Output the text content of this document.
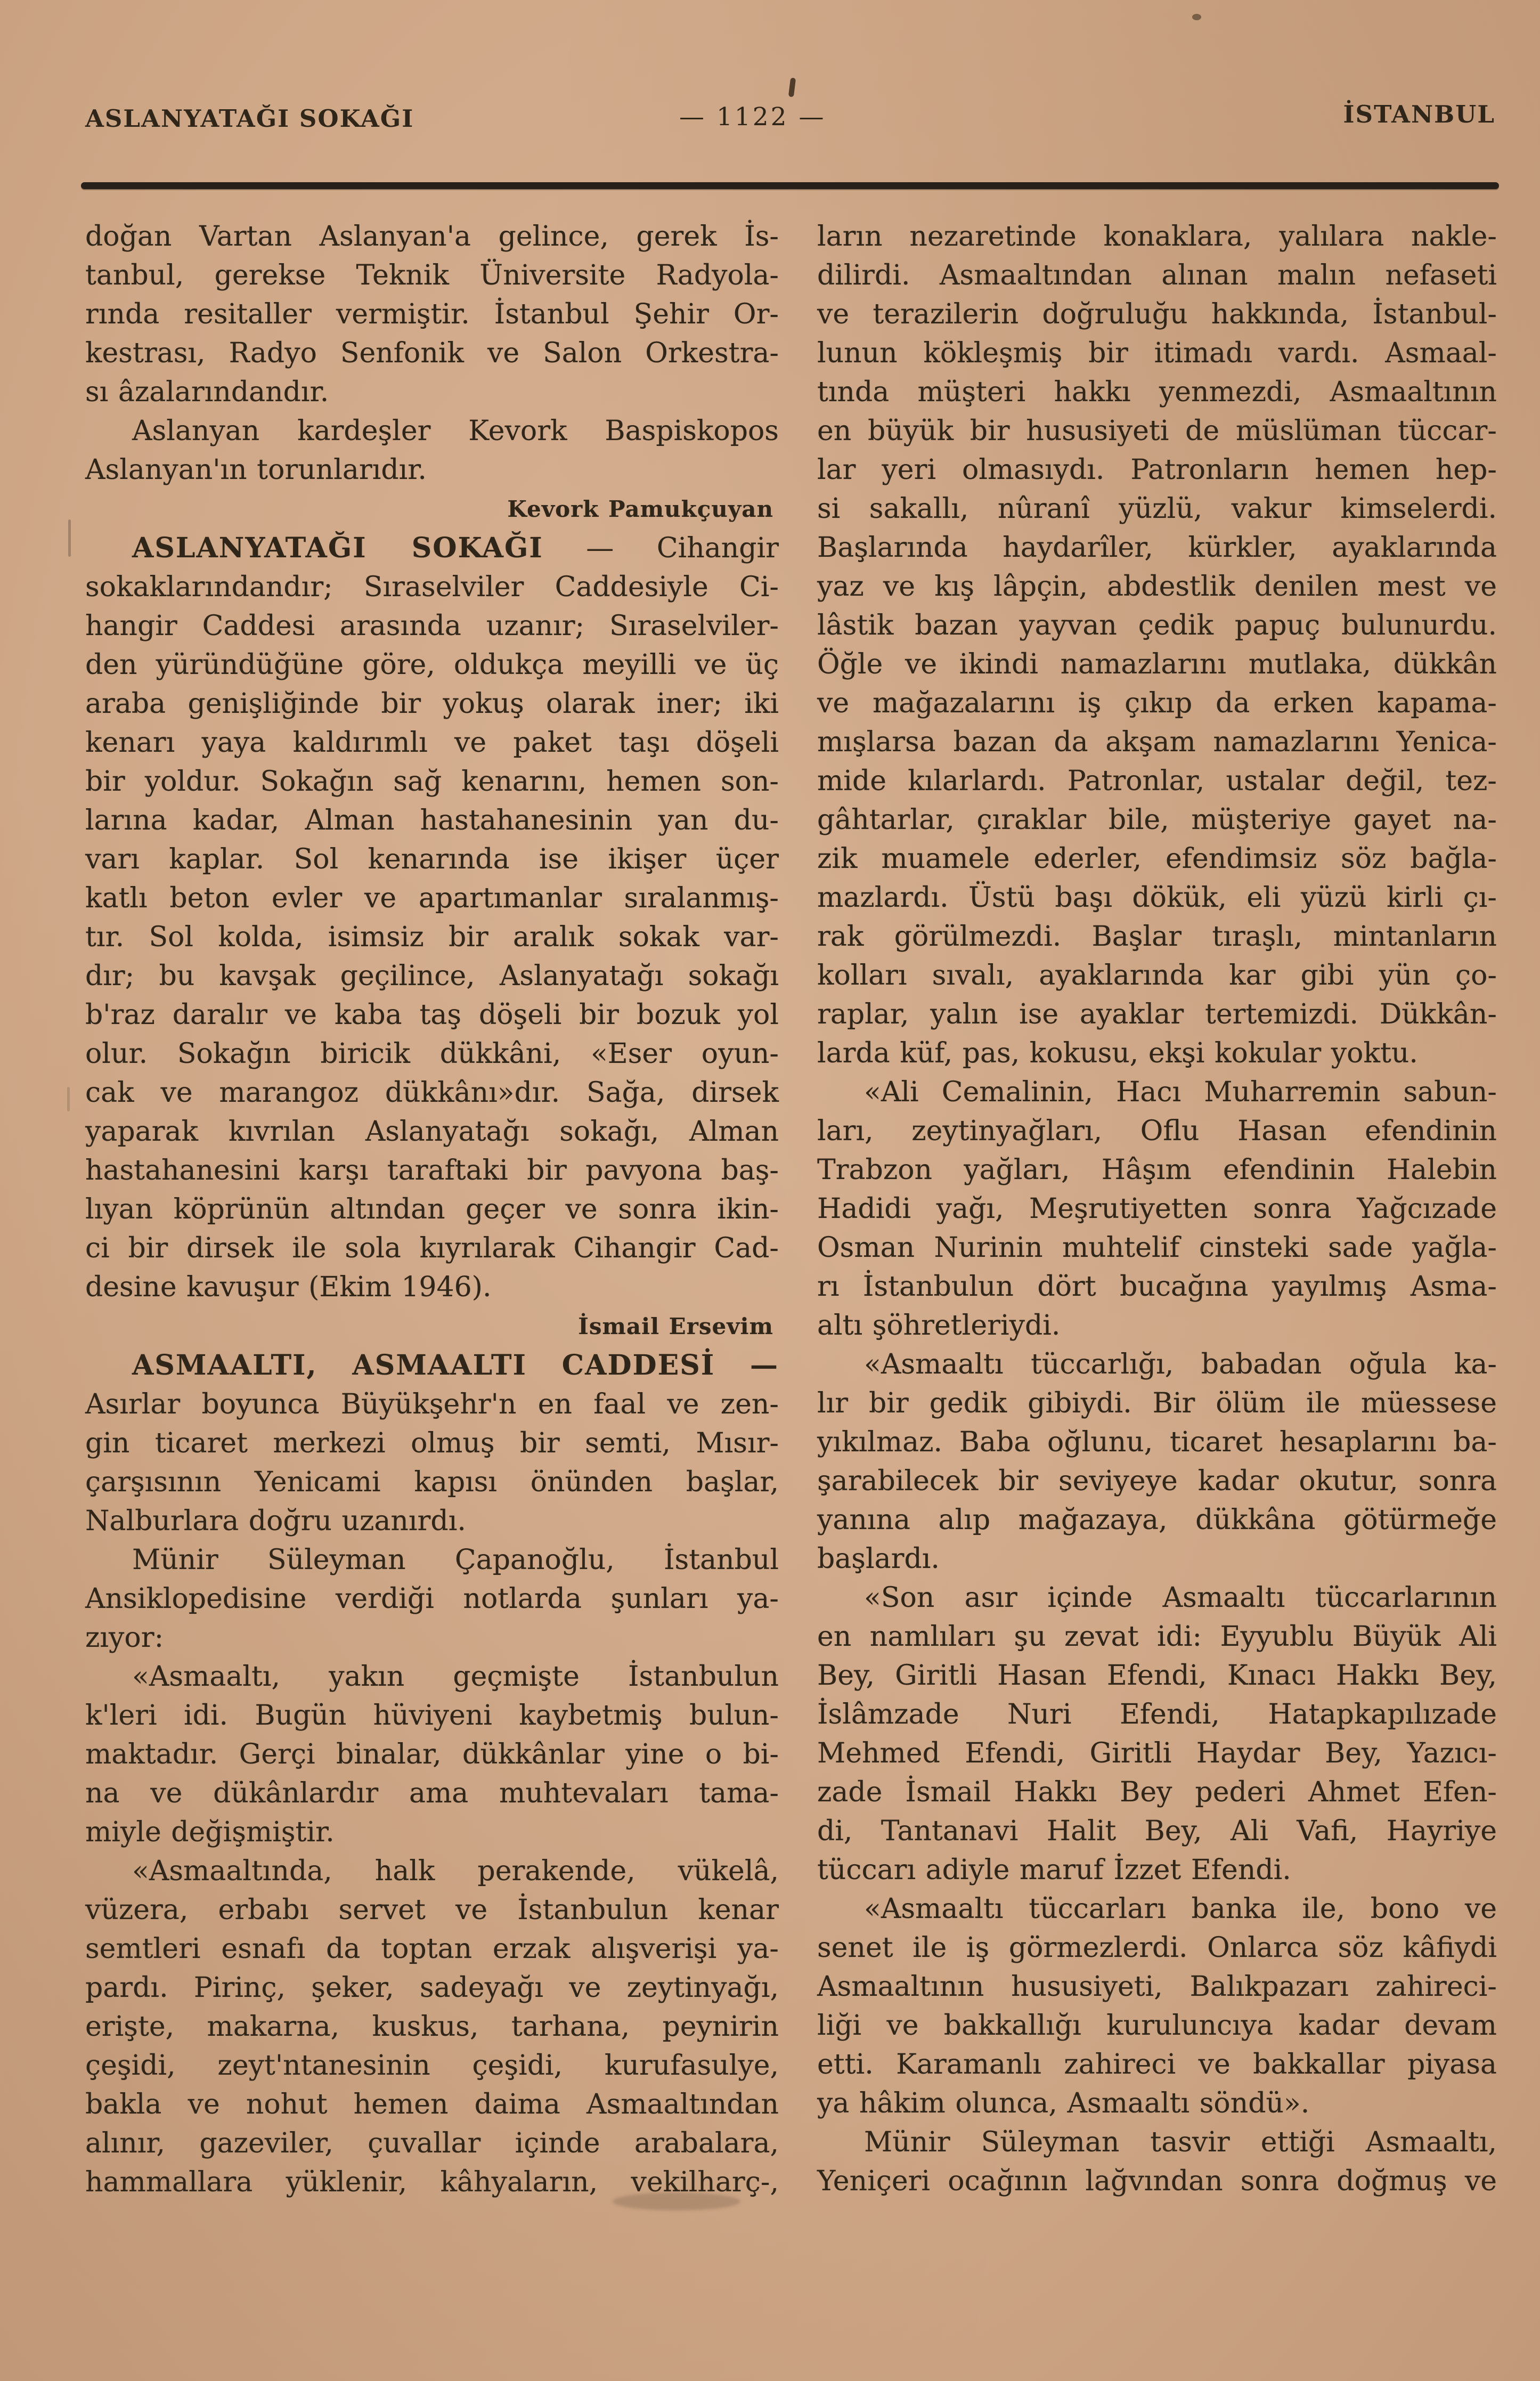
ASLANYATAĞI SOKAĞI	— 1122 —	İSTANBUL
doğan Vartan Aslanyan'a gelince, gerek İs-
tanbul, gerekse Teknik Üniversite Radyola-
rında resitaller vermiştir. İstanbul Şehir Or-
kestrası, Radyo Senfonik ve Salon Orkestra-
sı âzalarındandır.
Aslanyan kardeşler Kevork Baspiskopos
Aslanyan'ın torunlarıdır.
Kevork Pamukçuyan
ASLANYATAĞI SOKAĞI — Cihangir
sokaklarındandır; Sıraselviler Caddesiyle Ci-
hangir Caddesi arasında uzanır; Sıraselviler-
den yüründüğüne göre, oldukça meyilli ve üç
araba genişliğinde bir yokuş olarak iner; iki
kenarı yaya kaldırımlı ve paket taşı döşeli
bir yoldur. Sokağın sağ kenarını, hemen son-
larına kadar, Alman hastahanesinin yan du-
varı kaplar. Sol kenarında ise ikişer üçer
katlı beton evler ve apartımanlar sıralanmış-
tır. Sol kolda, isimsiz bir aralık sokak var-
dır; bu kavşak geçilince, Aslanyatağı sokağı
b'raz daralır ve kaba taş döşeli bir bozuk yol
olur. Sokağın biricik dükkâni, «Eser oyun-
cak ve marangoz dükkânı»dır. Sağa, dirsek
yaparak kıvrılan Aslanyatağı sokağı, Alman
hastahanesini karşı taraftaki bir pavyona baş-
lıyan köprünün altından geçer ve sonra ikin-
ci bir dirsek ile sola kıyrılarak Cihangir Cad-
desine kavuşur (Ekim 1946).
İsmail Ersevim
ASMAALTI, ASMAALTI CADDESİ —
Asırlar boyunca Büyükşehr'n en faal ve zen-
gin ticaret merkezi olmuş bir semti, Mısır-
çarşısının Yenicami kapısı önünden başlar,
Nalburlara doğru uzanırdı.
Münir Süleyman Çapanoğlu, İstanbul
Ansiklopedisine verdiği notlarda şunları ya-
zıyor:
«Asmaaltı, yakın geçmişte İstanbulun
k'leri idi. Bugün hüviyeni kaybetmiş bulun-
maktadır. Gerçi binalar, dükkânlar yine o bi-
na ve dükânlardır ama muhtevaları tama-
miyle değişmiştir.
«Asmaaltında, halk perakende, vükelâ,
vüzera, erbabı servet ve İstanbulun kenar
semtleri esnafı da toptan erzak alışverişi ya-
pardı. Pirinç, şeker, sadeyağı ve zeytinyağı,
erişte, makarna, kuskus, tarhana, peynirin
çeşidi, zeyt'ntanesinin çeşidi, kurufasulye,
bakla ve nohut hemen daima Asmaaltından
alınır, gazeviler, çuvallar içinde arabalara,
hammallara yüklenir, kâhyaların, vekilharç-,
ların nezaretinde konaklara, yalılara nakle-
dilirdi. Asmaaltından alınan malın nefaseti
ve terazilerin doğruluğu hakkında, İstanbul-
lunun kökleşmiş bir itimadı vardı. Asmaal-
tında müşteri hakkı yenmezdi, Asmaaltının
en büyük bir hususiyeti de müslüman tüccar-
lar yeri olmasıydı. Patronların hemen hep-
si sakallı, nûranî yüzlü, vakur kimselerdi.
Başlarında haydarîler, kürkler, ayaklarında
yaz ve kış lâpçin, abdestlik denilen mest ve
lâstik bazan yayvan çedik papuç bulunurdu.
Öğle ve ikindi namazlarını mutlaka, dükkân
ve mağazalarını iş çıkıp da erken kapama-
mışlarsa bazan da akşam namazlarını Yenica-
mide kılarlardı. Patronlar, ustalar değil, tez-
gâhtarlar, çıraklar bile, müşteriye gayet na-
zik muamele ederler, efendimsiz söz bağla-
mazlardı. Üstü başı dökük, eli yüzü kirli çı-
rak görülmezdi. Başlar tıraşlı, mintanların
kolları sıvalı, ayaklarında kar gibi yün ço-
raplar, yalın ise ayaklar tertemizdi. Dükkân-
larda küf, pas, kokusu, ekşi kokular yoktu.
«Ali Cemalinin, Hacı Muharremin sabun-
ları, zeytinyağları, Oflu Hasan efendinin
Trabzon yağları, Hâşım efendinin Halebin
Hadidi yağı, Meşrutiyetten sonra Yağcızade
Osman Nurinin muhtelif cinsteki sade yağla-
rı İstanbulun dört bucağına yayılmış Asma-
altı şöhretleriydi.
«Asmaaltı tüccarlığı, babadan oğula ka-
lır bir gedik gibiydi. Bir ölüm ile müessese
yıkılmaz. Baba oğlunu, ticaret hesaplarını ba-
şarabilecek bir seviyeye kadar okutur, sonra
yanına alıp mağazaya, dükkâna götürmeğe
başlardı.
«Son asır içinde Asmaaltı tüccarlarının
en namlıları şu zevat idi: Eyyublu Büyük Ali
Bey, Giritli Hasan Efendi, Kınacı Hakkı Bey,
İslâmzade Nuri Efendi, Hatapkapılızade
Mehmed Efendi, Giritli Haydar Bey, Yazıcı-
zade İsmail Hakkı Bey pederi Ahmet Efen-
di, Tantanavi Halit Bey, Ali Vafi, Hayriye
tüccarı adiyle maruf İzzet Efendi.
«Asmaaltı tüccarları banka ile, bono ve
senet ile iş görmezlerdi. Onlarca söz kâfiydi
Asmaaltının hususiyeti, Balıkpazarı zahireci-
liği ve bakkallığı kuruluncıya kadar devam
etti. Karamanlı zahireci ve bakkallar piyasa
ya hâkim olunca, Asmaaltı söndü».
Münir Süleyman tasvir ettiği Asmaaltı,
Yeniçeri ocağının lağvından sonra doğmuş ve
